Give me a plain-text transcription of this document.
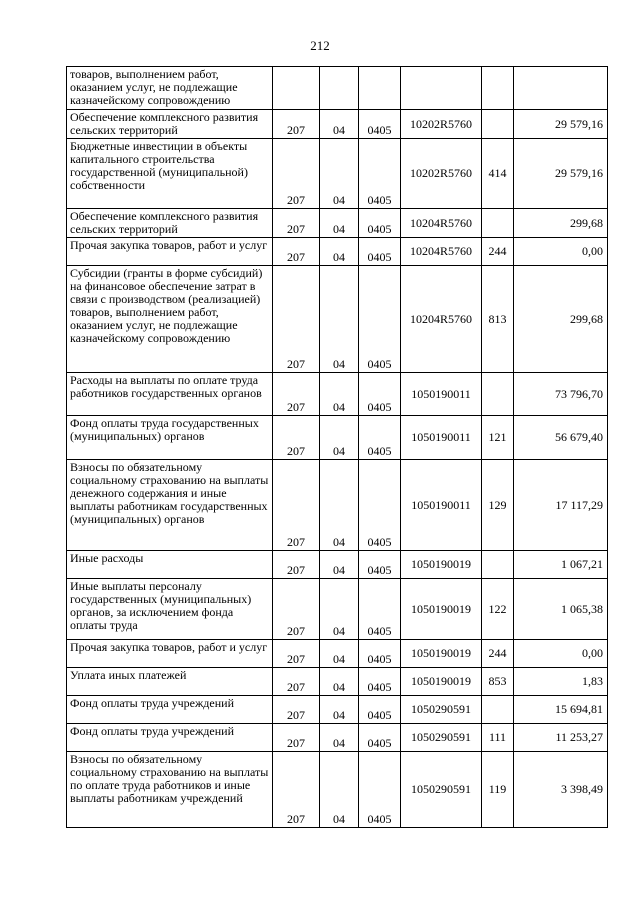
212
товаров, выполнением работ, оказанием услуг, не подлежащие казначейскому сопровождению						
Обеспечение комплексного развития сельских территорий	207	04	0405	10202R5760		29 579,16
Бюджетные инвестиции в объекты капитального строительства государственной (муниципальной) собственности	207	04	0405	10202R5760	414	29 579,16
Обеспечение комплексного развития сельских территорий	207	04	0405	10204R5760		299,68
Прочая закупка товаров, работ и услуг	207	04	0405	10204R5760	244	0,00
Субсидии (гранты в форме субсидий) на финансовое обеспечение затрат в связи с производством (реализацией) товаров, выполнением работ, оказанием услуг, не подлежащие казначейскому сопровождению	207	04	0405	10204R5760	813	299,68
Расходы на выплаты по оплате труда работников государственных органов	207	04	0405	1050190011		73 796,70
Фонд оплаты труда государственных (муниципальных) органов	207	04	0405	1050190011	121	56 679,40
Взносы по обязательному социальному страхованию на выплаты денежного содержания и иные выплаты работникам государственных (муниципальных) органов	207	04	0405	1050190011	129	17 117,29
Иные расходы	207	04	0405	1050190019		1 067,21
Иные выплаты персоналу государственных (муниципальных) органов, за исключением фонда оплаты труда	207	04	0405	1050190019	122	1 065,38
Прочая закупка товаров, работ и услуг	207	04	0405	1050190019	244	0,00
Уплата иных платежей	207	04	0405	1050190019	853	1,83
Фонд оплаты труда учреждений	207	04	0405	1050290591		15 694,81
Фонд оплаты труда учреждений	207	04	0405	1050290591	111	11 253,27
Взносы по обязательному социальному страхованию на выплаты по оплате труда работников и иные выплаты работникам учреждений	207	04	0405	1050290591	119	3 398,49
